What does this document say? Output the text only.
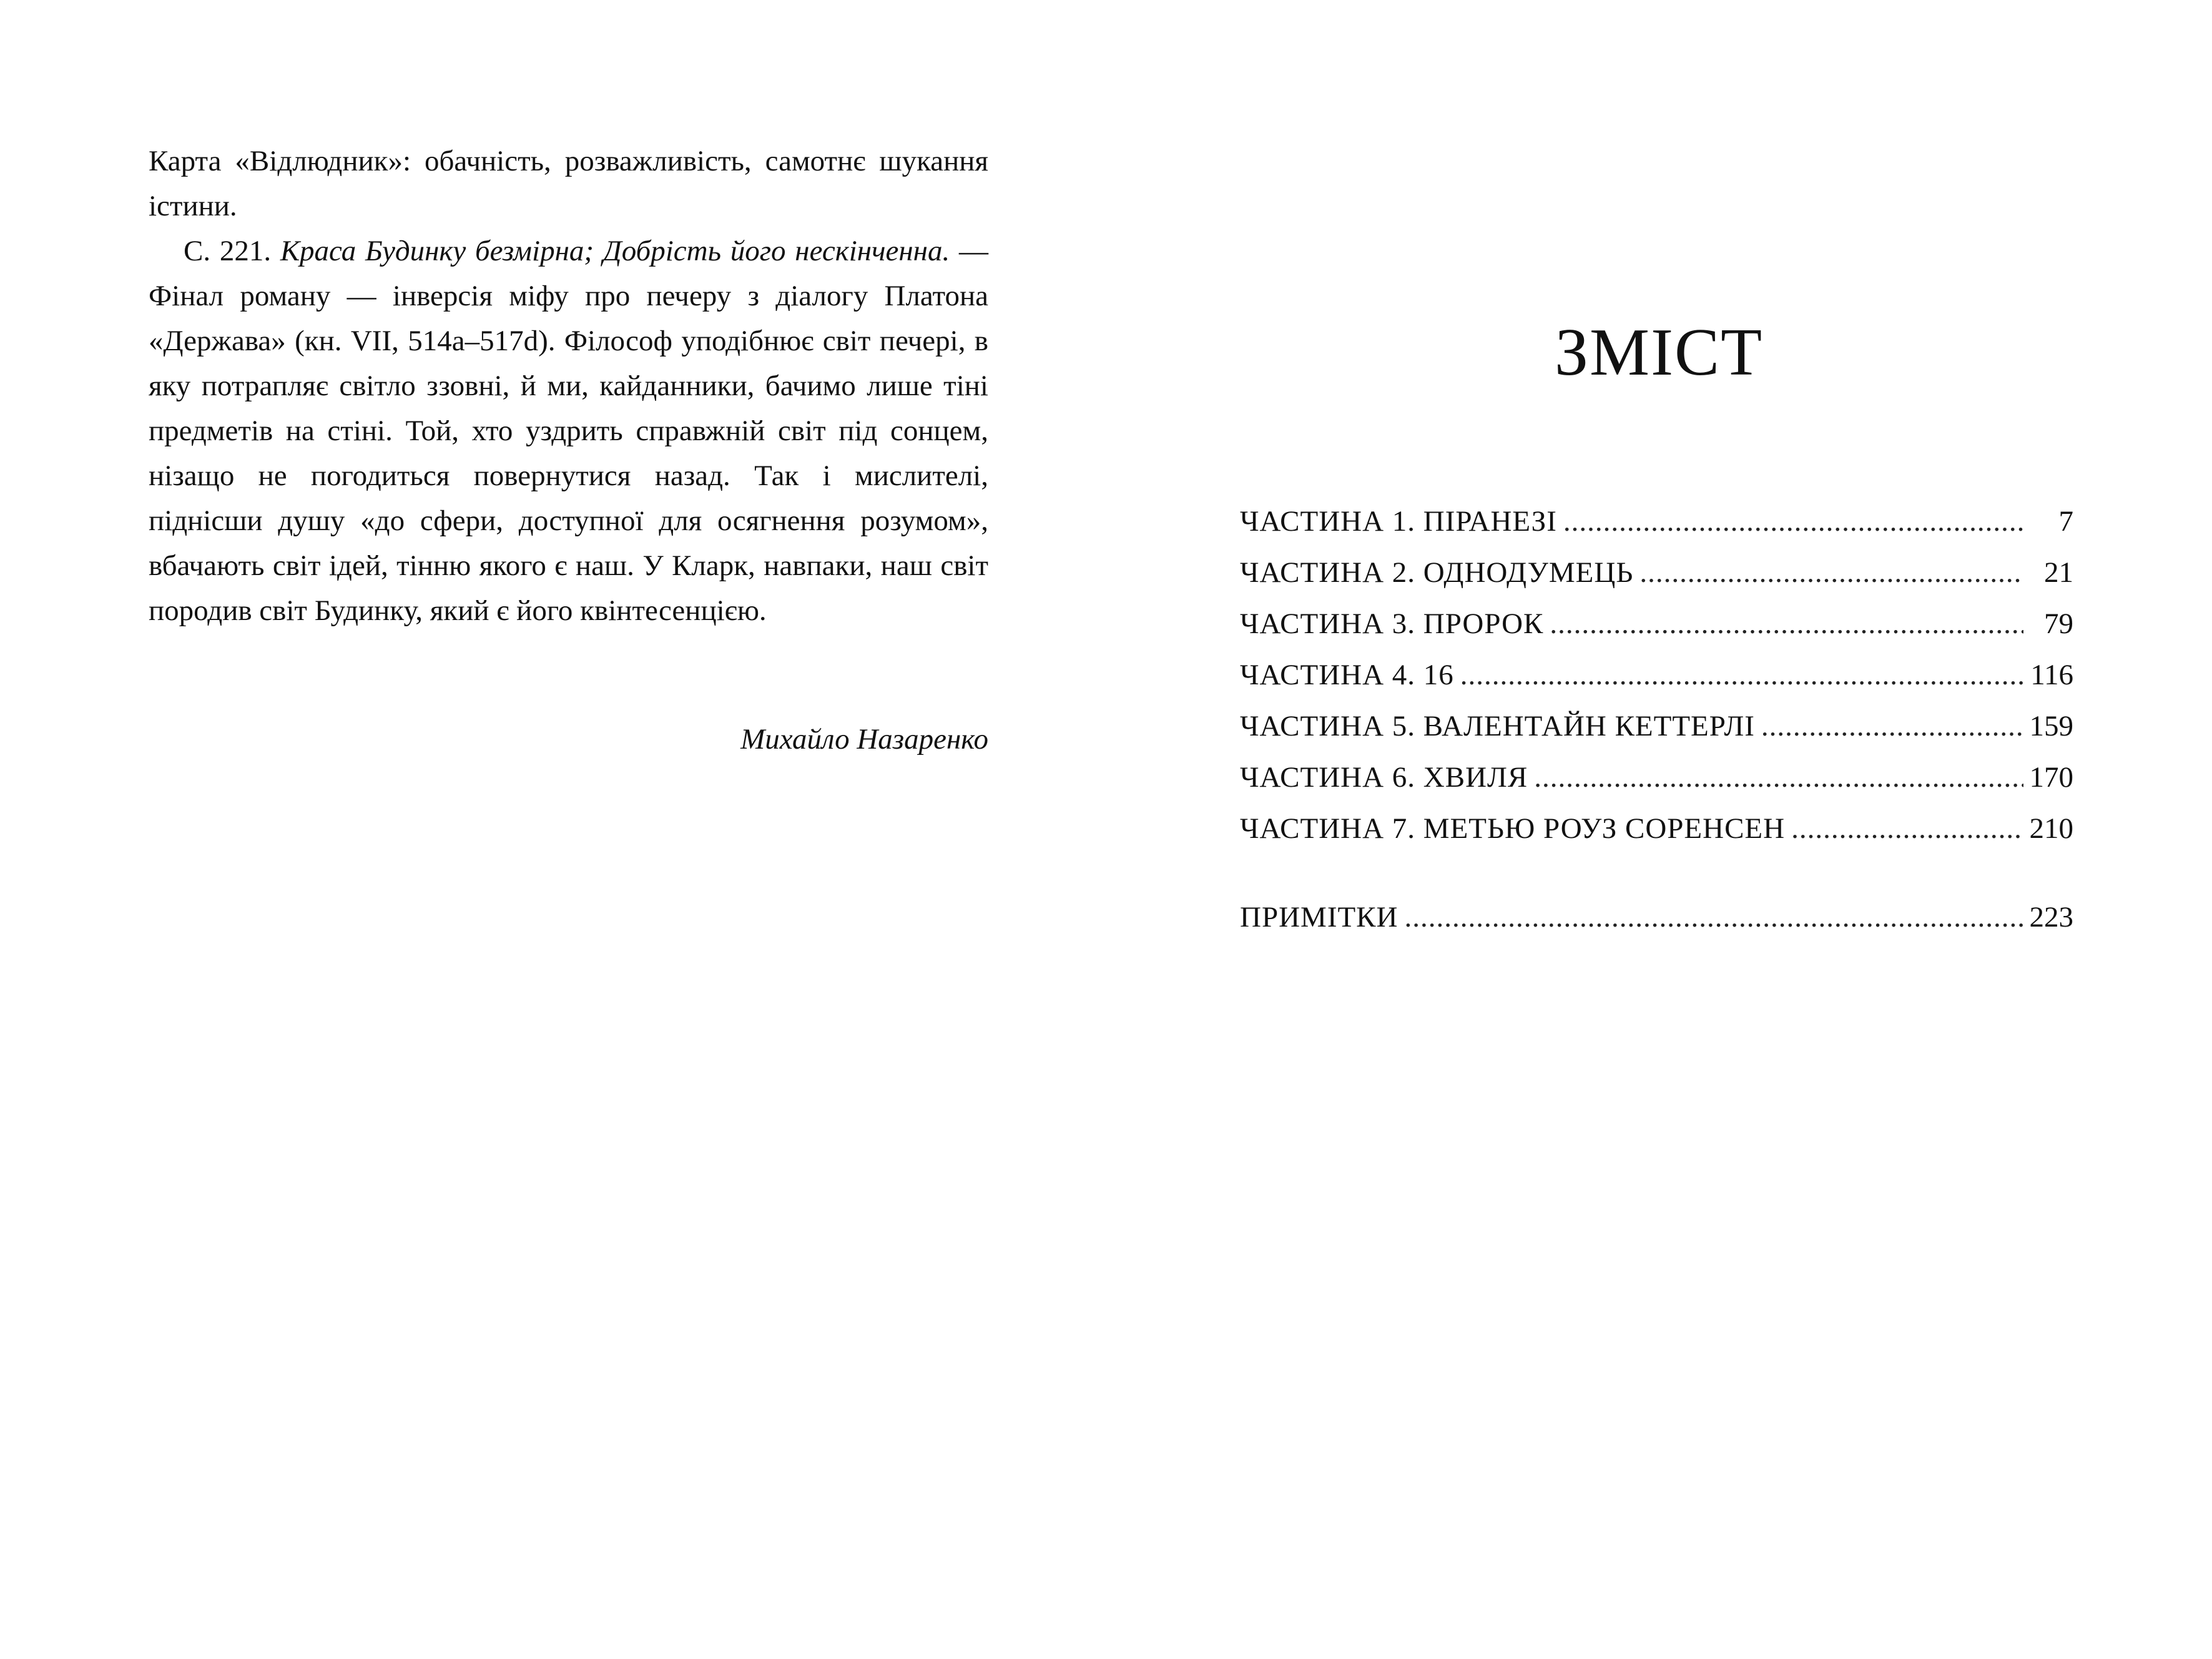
Карта «Відлюдник»: обачність, розважливість, самотнє шукання істини.

С. 221. Краса Будинку безмірна; Добрість його нескінченна. — Фінал роману — інверсія міфу про печеру з діалогу Платона «Держава» (кн. VII, 514a–517d). Філософ уподібнює світ печері, в яку потрапляє світло ззовні, й ми, кайданники, бачимо лише тіні предметів на стіні. Той, хто уздрить справжній світ під сонцем, нізащо не погодиться повернутися назад. Так і мислителі, піднісши душу «до сфери, доступної для осягнення розумом», вбачають світ ідей, тінню якого є наш. У Кларк, навпаки, наш світ породив світ Будинку, який є його квінтесенцією.

Михайло Назаренко
ЗМІСТ
ЧАСТИНА 1. ПІРАНЕЗІ .....	7
ЧАСТИНА 2. ОДНОДУМЕЦЬ .....	21
ЧАСТИНА 3. ПРОРОК .....	79
ЧАСТИНА 4. 16 .....	116
ЧАСТИНА 5. ВАЛЕНТАЙН КЕТТЕРЛІ .....	159
ЧАСТИНА 6. ХВИЛЯ .....	170
ЧАСТИНА 7. МЕТЬЮ РОУЗ СОРЕНСЕН .....	210
ПРИМІТКИ .....	223
